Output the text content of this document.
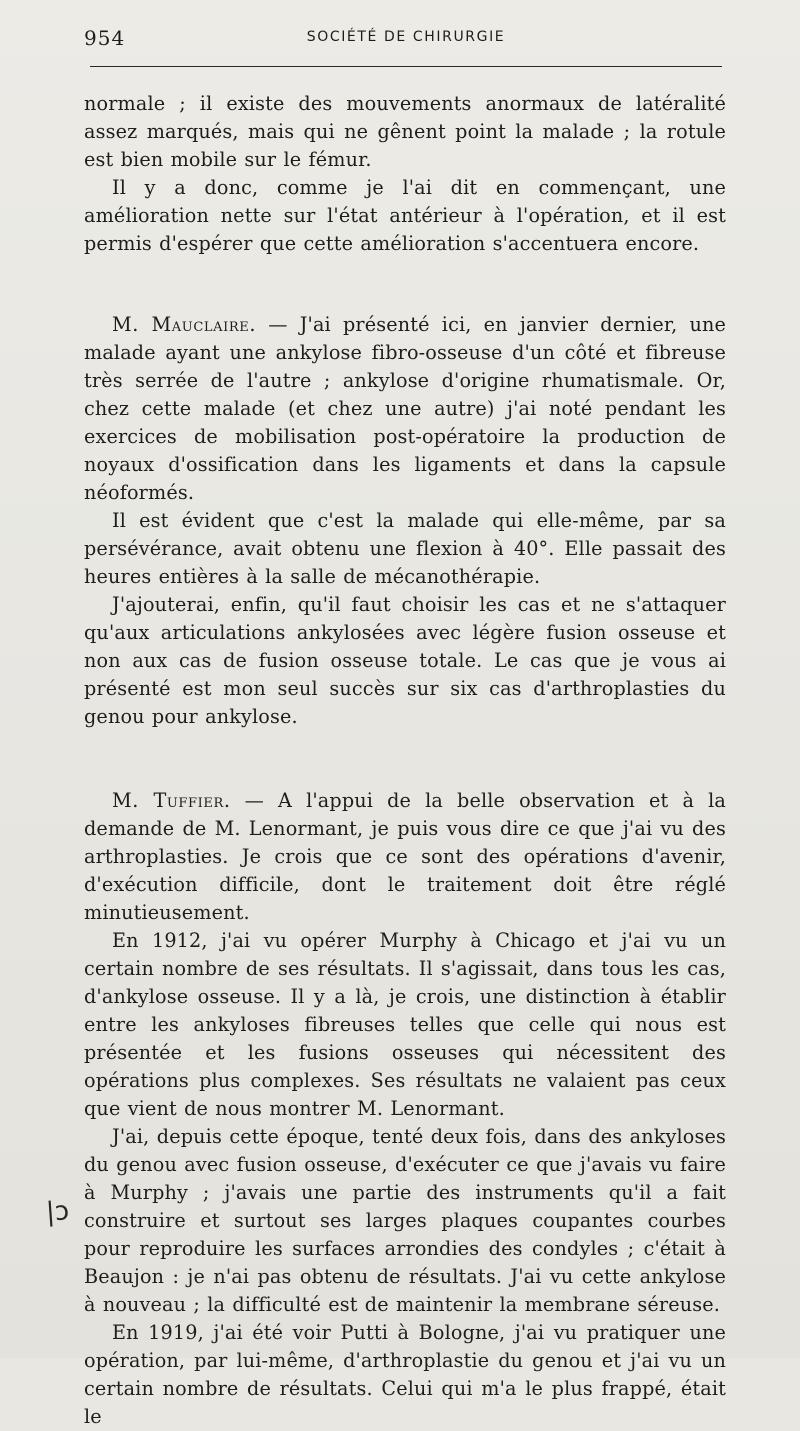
954	SOCIÉTÉ DE CHIRURGIE

normale ; il existe des mouvements anormaux de latéralité assez marqués, mais qui ne gênent point la malade ; la rotule est bien mobile sur le fémur.

Il y a donc, comme je l'ai dit en commençant, une amélioration nette sur l'état antérieur à l'opération, et il est permis d'espérer que cette amélioration s'accentuera encore.

M. Mauclaire. — J'ai présenté ici, en janvier dernier, une malade ayant une ankylose fibro-osseuse d'un côté et fibreuse très serrée de l'autre ; ankylose d'origine rhumatismale. Or, chez cette malade (et chez une autre) j'ai noté pendant les exercices de mobilisation post-opératoire la production de noyaux d'ossification dans les ligaments et dans la capsule néoformés.

Il est évident que c'est la malade qui elle-même, par sa persévérance, avait obtenu une flexion à 40°. Elle passait des heures entières à la salle de mécanothérapie.

J'ajouterai, enfin, qu'il faut choisir les cas et ne s'attaquer qu'aux articulations ankylosées avec légère fusion osseuse et non aux cas de fusion osseuse totale. Le cas que je vous ai présenté est mon seul succès sur six cas d'arthroplasties du genou pour ankylose.

M. Tuffier. — A l'appui de la belle observation et à la demande de M. Lenormant, je puis vous dire ce que j'ai vu des arthroplasties. Je crois que ce sont des opérations d'avenir, d'exécution difficile, dont le traitement doit être réglé minutieusement.

En 1912, j'ai vu opérer Murphy à Chicago et j'ai vu un certain nombre de ses résultats. Il s'agissait, dans tous les cas, d'ankylose osseuse. Il y a là, je crois, une distinction à établir entre les ankyloses fibreuses telles que celle qui nous est présentée et les fusions osseuses qui nécessitent des opérations plus complexes. Ses résultats ne valaient pas ceux que vient de nous montrer M. Lenormant.

J'ai, depuis cette époque, tenté deux fois, dans des ankyloses du genou avec fusion osseuse, d'exécuter ce que j'avais vu faire à Murphy ; j'avais une partie des instruments qu'il a fait construire et surtout ses larges plaques coupantes courbes pour reproduire les surfaces arrondies des condyles ; c'était à Beaujon : je n'ai pas obtenu de résultats. J'ai vu cette ankylose à nouveau ; la difficulté est de maintenir la membrane séreuse.

En 1919, j'ai été voir Putti à Bologne, j'ai vu pratiquer une opération, par lui-même, d'arthroplastie du genou et j'ai vu un certain nombre de résultats. Celui qui m'a le plus frappé, était le

|ↄ
